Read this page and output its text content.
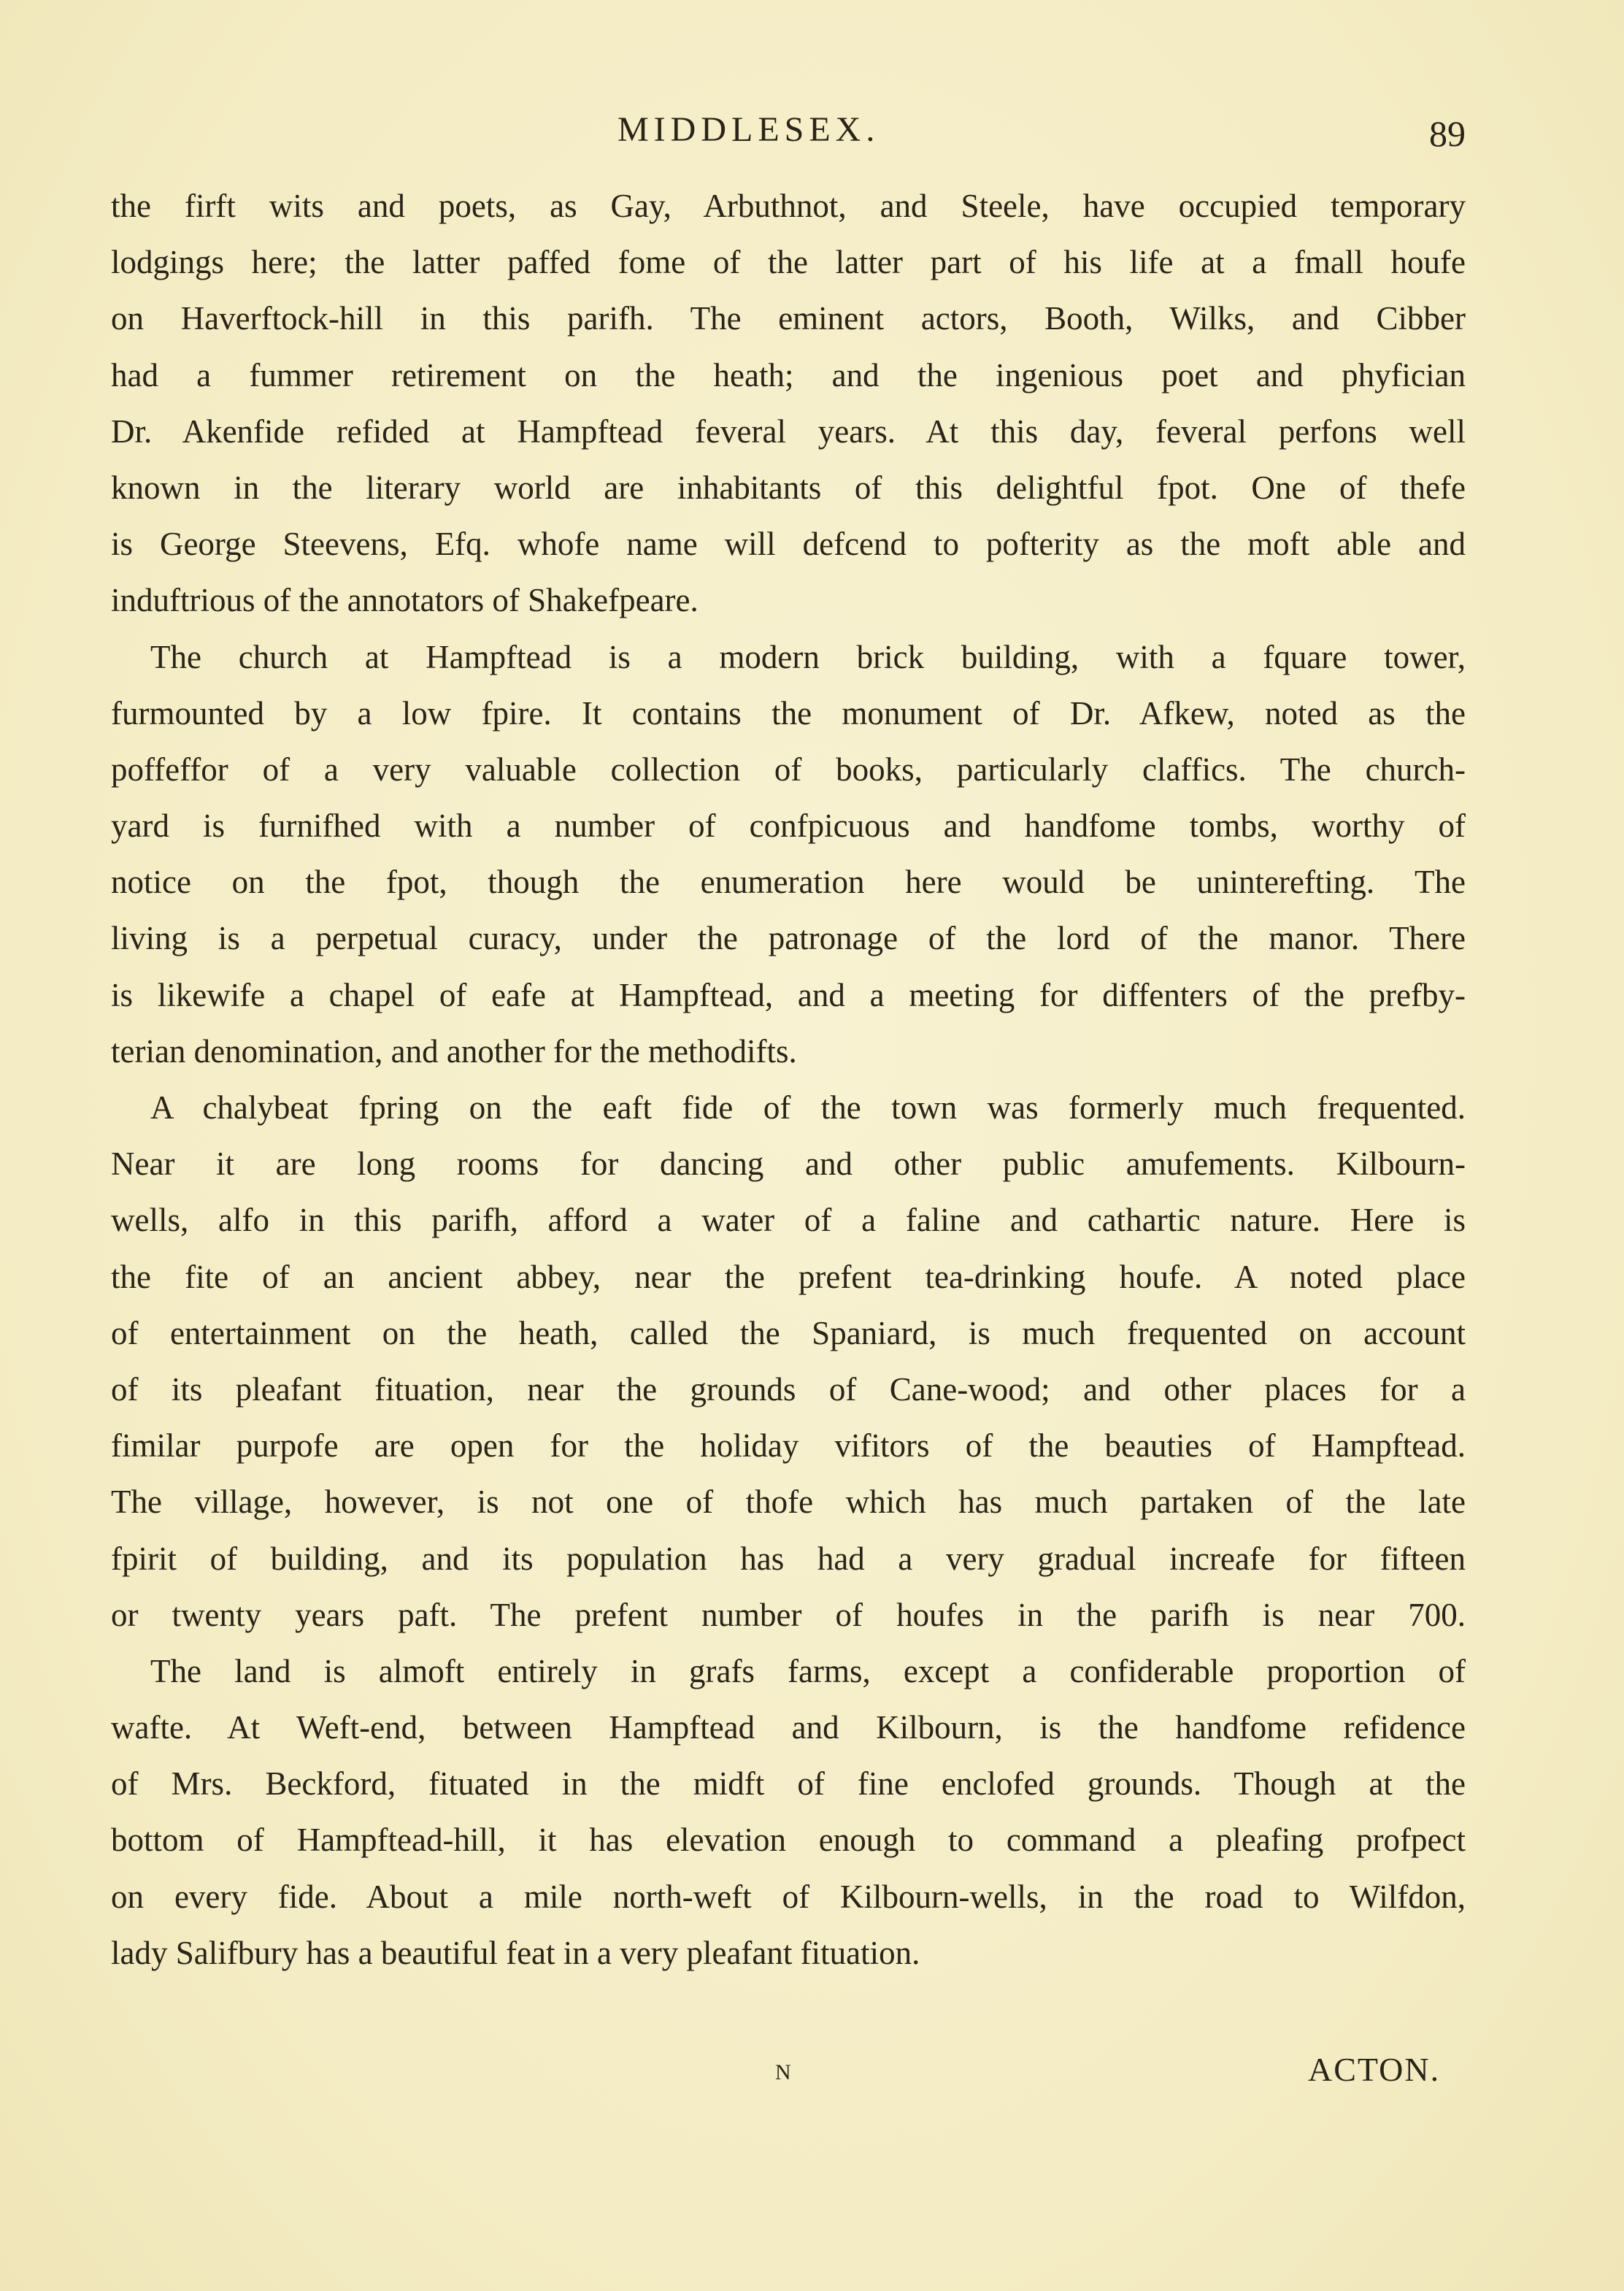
MIDDLESEX.	89
the firft wits and poets, as Gay, Arbuthnot, and Steele, have occupied temporary
lodgings here; the latter paffed fome of the latter part of his life at a fmall houfe
on Haverftock-hill in this parifh. The eminent actors, Booth, Wilks, and Cibber
had a fummer retirement on the heath; and the ingenious poet and phyfician
Dr. Akenfide refided at Hampftead feveral years. At this day, feveral perfons well
known in the literary world are inhabitants of this delightful fpot. One of thefe
is George Steevens, Efq. whofe name will defcend to pofterity as the moft able and
induftrious of the annotators of Shakefpeare.
The church at Hampftead is a modern brick building, with a fquare tower,
furmounted by a low fpire. It contains the monument of Dr. Afkew, noted as the
poffeffor of a very valuable collection of books, particularly claffics. The church-
yard is furnifhed with a number of confpicuous and handfome tombs, worthy of
notice on the fpot, though the enumeration here would be uninterefting. The
living is a perpetual curacy, under the patronage of the lord of the manor. There
is likewife a chapel of eafe at Hampftead, and a meeting for diffenters of the prefby-
terian denomination, and another for the methodifts.
A chalybeat fpring on the eaft fide of the town was formerly much frequented.
Near it are long rooms for dancing and other public amufements. Kilbourn-
wells, alfo in this parifh, afford a water of a faline and cathartic nature. Here is
the fite of an ancient abbey, near the prefent tea-drinking houfe. A noted place
of entertainment on the heath, called the Spaniard, is much frequented on account
of its pleafant fituation, near the grounds of Cane-wood; and other places for a
fimilar purpofe are open for the holiday vifitors of the beauties of Hampftead.
The village, however, is not one of thofe which has much partaken of the late
fpirit of building, and its population has had a very gradual increafe for fifteen
or twenty years paft. The prefent number of houfes in the parifh is near 700.
The land is almoft entirely in grafs farms, except a confiderable proportion of
wafte. At Weft-end, between Hampftead and Kilbourn, is the handfome refidence
of Mrs. Beckford, fituated in the midft of fine enclofed grounds. Though at the
bottom of Hampftead-hill, it has elevation enough to command a pleafing profpect
on every fide. About a mile north-weft of Kilbourn-wells, in the road to Wilfdon,
lady Salifbury has a beautiful feat in a very pleafant fituation.
N	ACTON.
